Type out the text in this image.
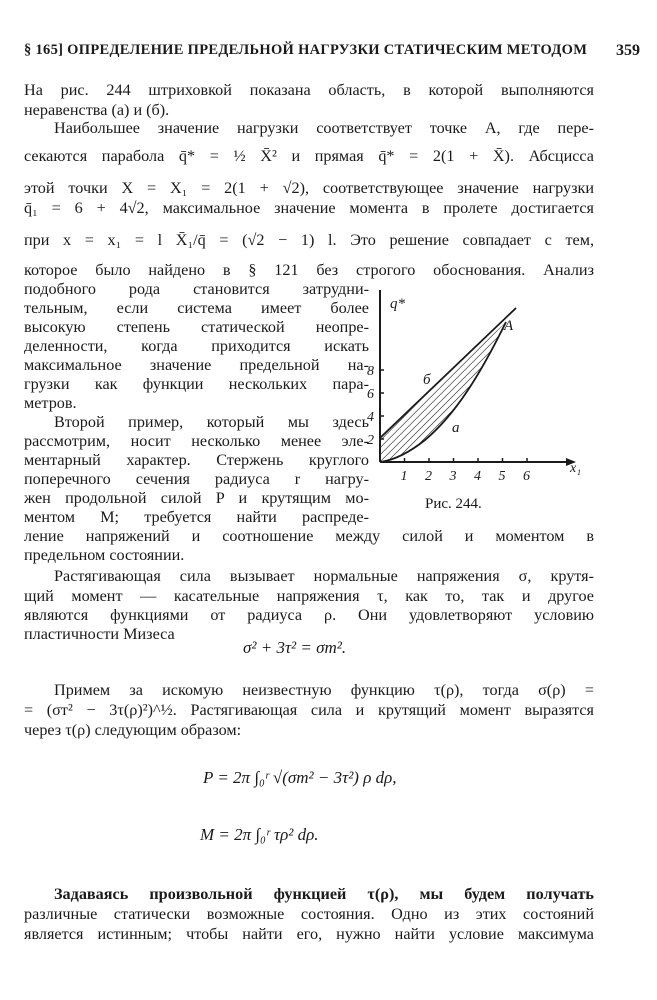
§ 165] ОПРЕДЕЛЕНИЕ ПРЕДЕЛЬНОЙ НАГРУЗКИ СТАТИЧЕСКИМ МЕТОДОМ 359
На рис. 244 штриховкой показана область, в которой выполняются
неравенства (а) и (б).
Наибольшее значение нагрузки соответствует точке A, где пере-
секаются парабола q̄* = ½ X̄² и прямая q̄* = 2(1 + X̄). Абсцисса
этой точки X = X₁ = 2(1 + √2), соответствующее значение нагрузки
q̄₁ = 6 + 4√2, максимальное значение момента в пролете достигается
при x = x₁ = l X̄₁/q̄ = (√2 − 1) l. Это решение совпадает с тем,
которое было найдено в § 121 без строгого обоснования. Анализ
подобного рода становится затрудни-
тельным, если система имеет более
высокую степень статической неопре-
деленности, когда приходится искать
максимальное значение предельной на-
грузки как функции нескольких пара-
метров.
Второй пример, который мы здесь
рассмотрим, носит несколько менее эле-
ментарный характер. Стержень круглого
поперечного сечения радиуса r нагру-
жен продольной силой P и крутящим мо-
ментом M; требуется найти распреде-
ление напряжений и соотношение между силой и моментом в
предельном состоянии.
Растягивающая сила вызывает нормальные напряжения σ, крутя-
щий момент — касательные напряжения τ, как то, так и другое
являются функциями от радиуса ρ. Они удовлетворяют условию
пластичности Мизеса
σ² + 3τ² = σт².
Примем за искомую неизвестную функцию τ(ρ), тогда σ(ρ) =
= (σт² − 3τ(ρ)²)^½. Растягивающая сила и крутящий момент выразятся
через τ(ρ) следующим образом:
P = 2π ∫₀ʳ √(σт² − 3τ²) ρ dρ,
M = 2π ∫₀ʳ τρ² dρ.
Задаваясь произвольной функцией τ(ρ), мы будем получать
различные статически возможные состояния. Одно из этих состояний
является истинным; чтобы найти его, нужно найти условие максимума
1 2 3 4 5 6
2
4
6
8
q*
x₁
A
б
а
Рис. 244.
